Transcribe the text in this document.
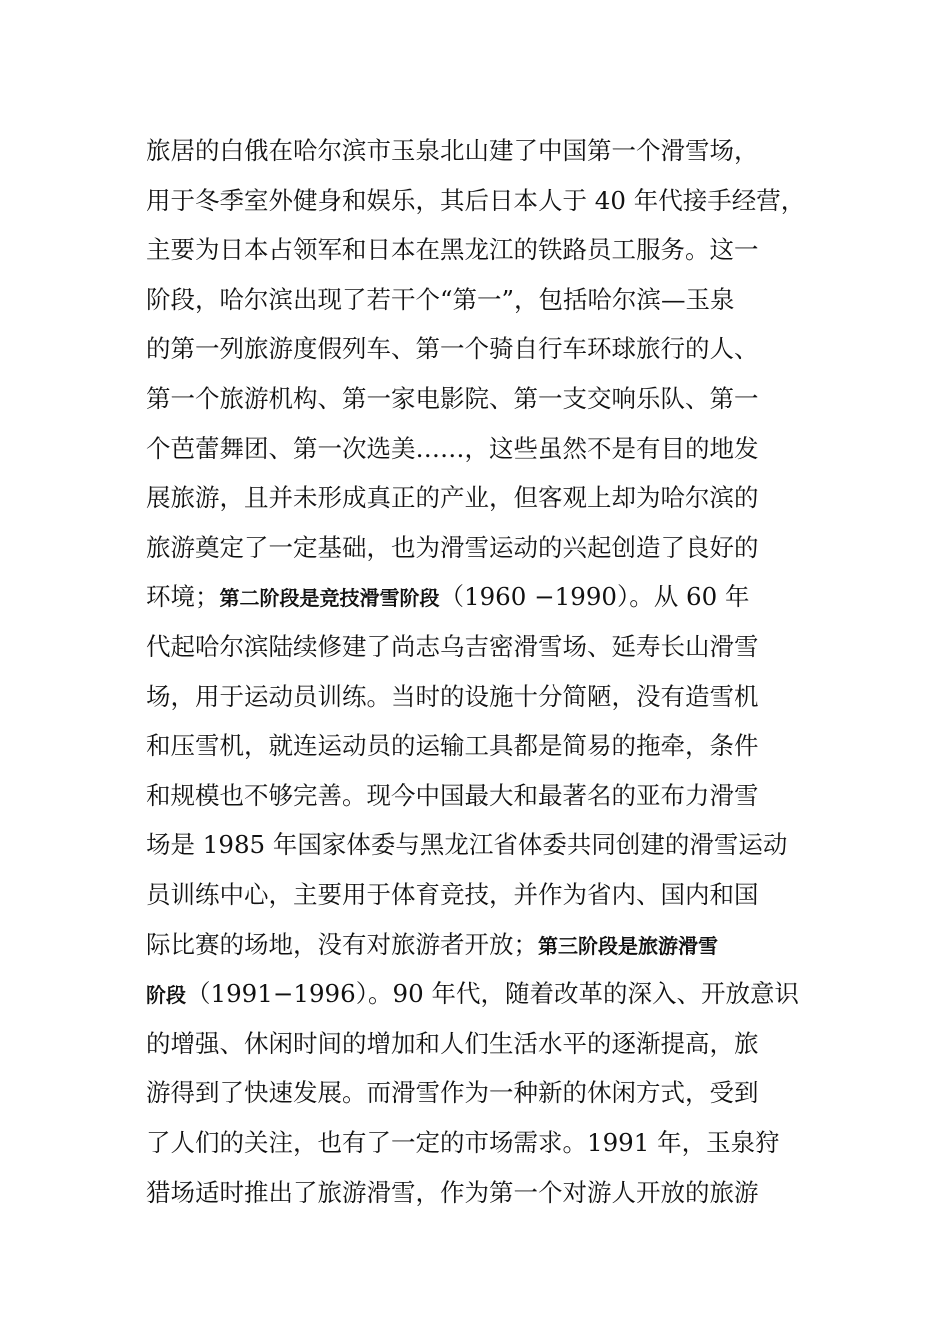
旅居的白俄在哈尔滨市玉泉北山建了中国第一个滑雪场，
用于冬季室外健身和娱乐，其后日本人于 40 年代接手经营，
主要为日本占领军和日本在黑龙江的铁路员工服务。这一
阶段，哈尔滨出现了若干个“第一”，包括哈尔滨—玉泉
的第一列旅游度假列车、第一个骑自行车环球旅行的人、
第一个旅游机构、第一家电影院、第一支交响乐队、第一
个芭蕾舞团、第一次选美……，这些虽然不是有目的地发
展旅游，且并未形成真正的产业，但客观上却为哈尔滨的
旅游奠定了一定基础，也为滑雪运动的兴起创造了良好的
环境；第二阶段是竞技滑雪阶段（1960 −1990）。从 60 年
代起哈尔滨陆续修建了尚志乌吉密滑雪场、延寿长山滑雪
场，用于运动员训练。当时的设施十分简陋，没有造雪机
和压雪机，就连运动员的运输工具都是简易的拖牵，条件
和规模也不够完善。现今中国最大和最著名的亚布力滑雪
场是 1985 年国家体委与黑龙江省体委共同创建的滑雪运动
员训练中心，主要用于体育竞技，并作为省内、国内和国
际比赛的场地，没有对旅游者开放；第三阶段是旅游滑雪
阶段（1991−1996）。90 年代，随着改革的深入、开放意识
的增强、休闲时间的增加和人们生活水平的逐渐提高，旅
游得到了快速发展。而滑雪作为一种新的休闲方式，受到
了人们的关注，也有了一定的市场需求。1991 年，玉泉狩
猎场适时推出了旅游滑雪，作为第一个对游人开放的旅游
